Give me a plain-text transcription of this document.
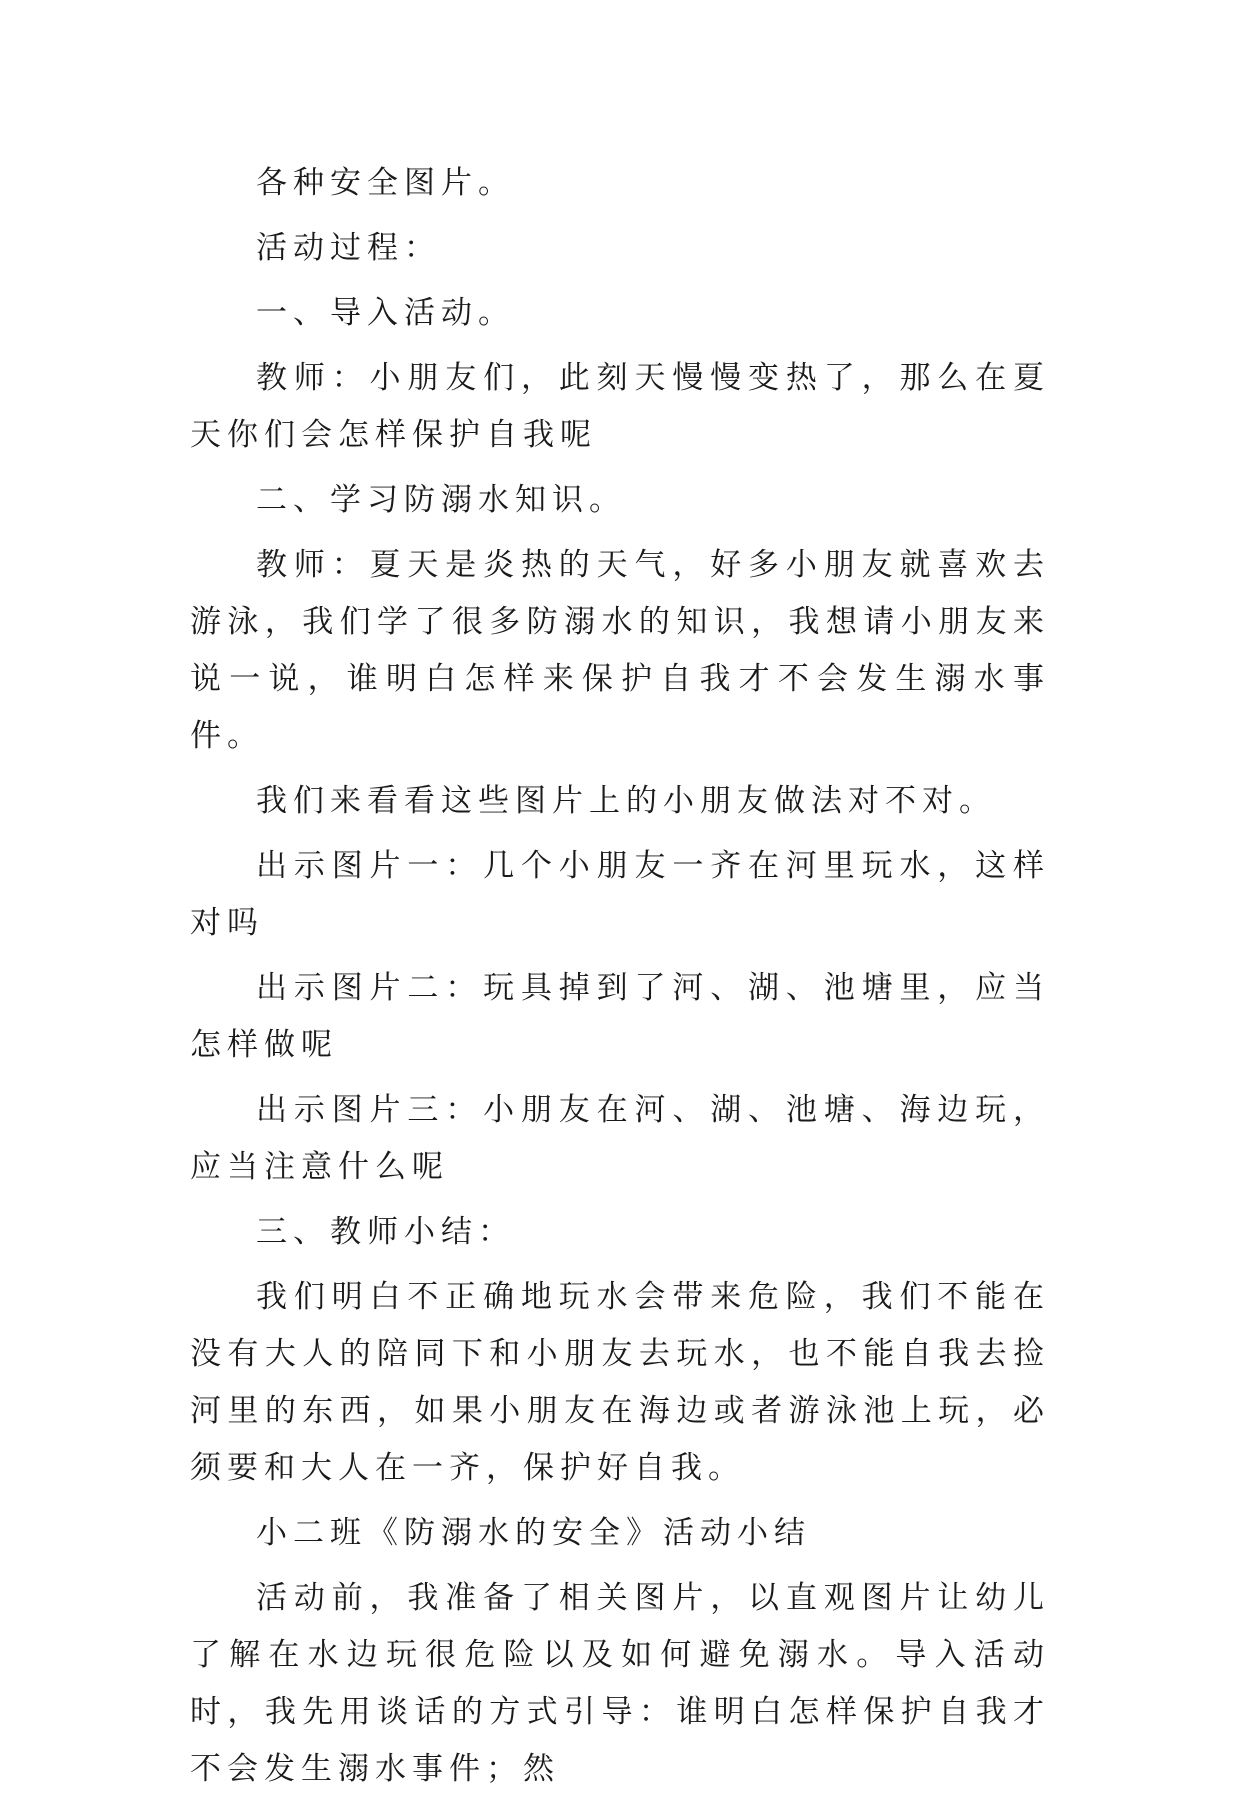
各种安全图片。

活动过程：

一、导入活动。

教师：小朋友们，此刻天慢慢变热了，那么在夏天你们会怎样保护自我呢

二、学习防溺水知识。

教师：夏天是炎热的天气，好多小朋友就喜欢去游泳，我们学了很多防溺水的知识，我想请小朋友来说一说，谁明白怎样来保护自我才不会发生溺水事件。

我们来看看这些图片上的小朋友做法对不对。

出示图片一：几个小朋友一齐在河里玩水，这样对吗

出示图片二：玩具掉到了河、湖、池塘里，应当怎样做呢

出示图片三：小朋友在河、湖、池塘、海边玩，应当注意什么呢

三、教师小结：

我们明白不正确地玩水会带来危险，我们不能在没有大人的陪同下和小朋友去玩水，也不能自我去捡河里的东西，如果小朋友在海边或者游泳池上玩，必须要和大人在一齐，保护好自我。

小二班《防溺水的安全》活动小结

活动前，我准备了相关图片，以直观图片让幼儿了解在水边玩很危险以及如何避免溺水。导入活动时，我先用谈话的方式引导：谁明白怎样保护自我才不会发生溺水事件；然
